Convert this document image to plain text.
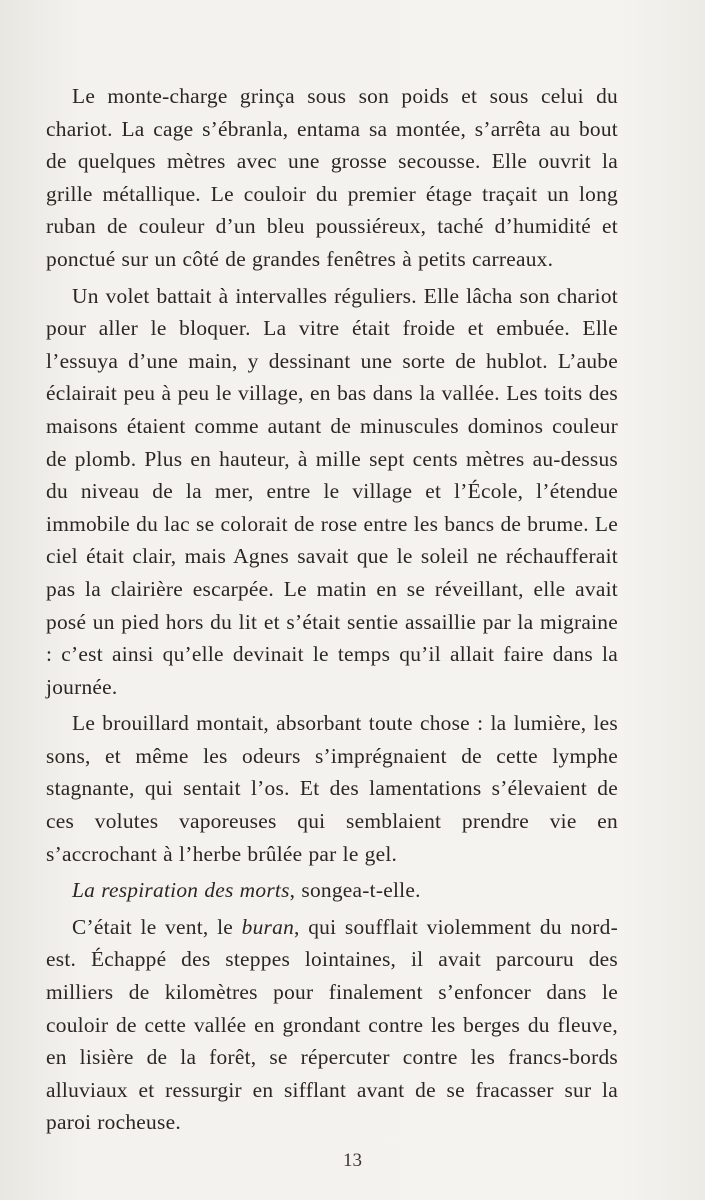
Le monte-charge grinça sous son poids et sous celui du chariot. La cage s’ébranla, entama sa montée, s’arrêta au bout de quelques mètres avec une grosse secousse. Elle ouvrit la grille métallique. Le couloir du premier étage traçait un long ruban de couleur d’un bleu poussiéreux, taché d’humidité et ponctué sur un côté de grandes fenêtres à petits carreaux.

Un volet battait à intervalles réguliers. Elle lâcha son chariot pour aller le bloquer. La vitre était froide et embuée. Elle l’essuya d’une main, y dessinant une sorte de hublot. L’aube éclairait peu à peu le village, en bas dans la vallée. Les toits des maisons étaient comme autant de minuscules dominos couleur de plomb. Plus en hauteur, à mille sept cents mètres au-dessus du niveau de la mer, entre le village et l’École, l’étendue immobile du lac se colorait de rose entre les bancs de brume. Le ciel était clair, mais Agnes savait que le soleil ne réchaufferait pas la clairière escarpée. Le matin en se réveillant, elle avait posé un pied hors du lit et s’était sentie assaillie par la migraine : c’est ainsi qu’elle devinait le temps qu’il allait faire dans la journée.

Le brouillard montait, absorbant toute chose : la lumière, les sons, et même les odeurs s’imprégnaient de cette lymphe stagnante, qui sentait l’os. Et des lamentations s’élevaient de ces volutes vaporeuses qui semblaient prendre vie en s’accrochant à l’herbe brûlée par le gel.

La respiration des morts, songea-t-elle.

C’était le vent, le buran, qui soufflait violemment du nord-est. Échappé des steppes lointaines, il avait parcouru des milliers de kilomètres pour finalement s’enfoncer dans le couloir de cette vallée en grondant contre les berges du fleuve, en lisière de la forêt, se répercuter contre les francs-bords alluviaux et ressurgir en sifflant avant de se fracasser sur la paroi rocheuse.

13
